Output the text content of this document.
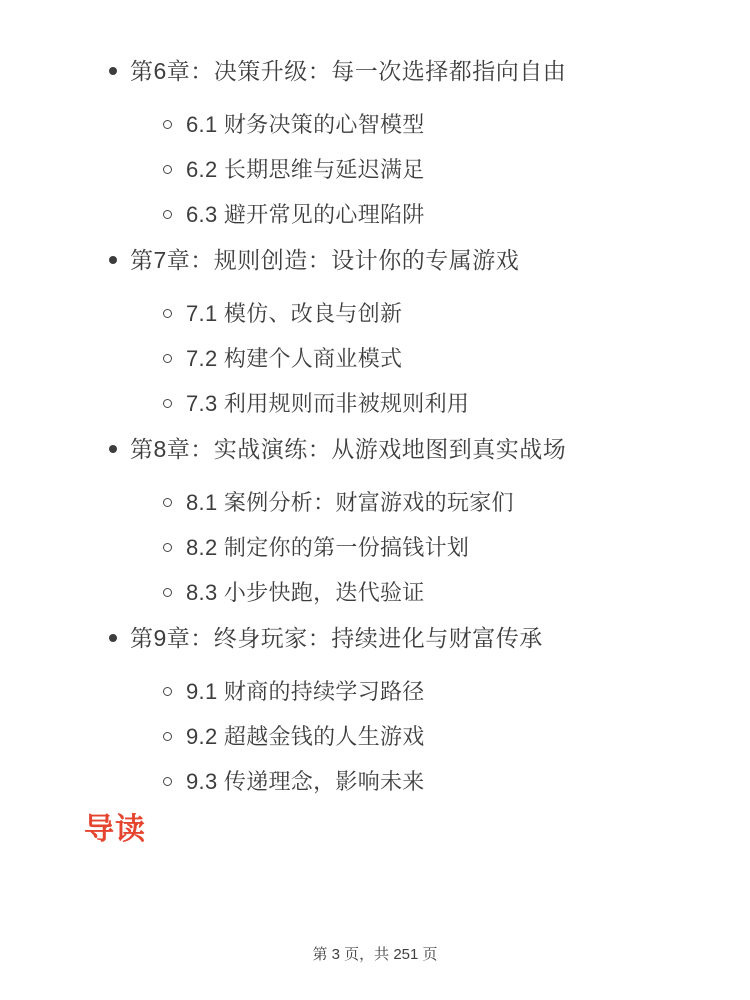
第6章：决策升级：每一次选择都指向自由
6.1 财务决策的心智模型
6.2 长期思维与延迟满足
6.3 避开常见的心理陷阱
第7章：规则创造：设计你的专属游戏
7.1 模仿、改良与创新
7.2 构建个人商业模式
7.3 利用规则而非被规则利用
第8章：实战演练：从游戏地图到真实战场
8.1 案例分析：财富游戏的玩家们
8.2 制定你的第一份搞钱计划
8.3 小步快跑，迭代验证
第9章：终身玩家：持续进化与财富传承
9.1 财商的持续学习路径
9.2 超越金钱的人生游戏
9.3 传递理念，影响未来
导读
第 3 页，共 251 页
